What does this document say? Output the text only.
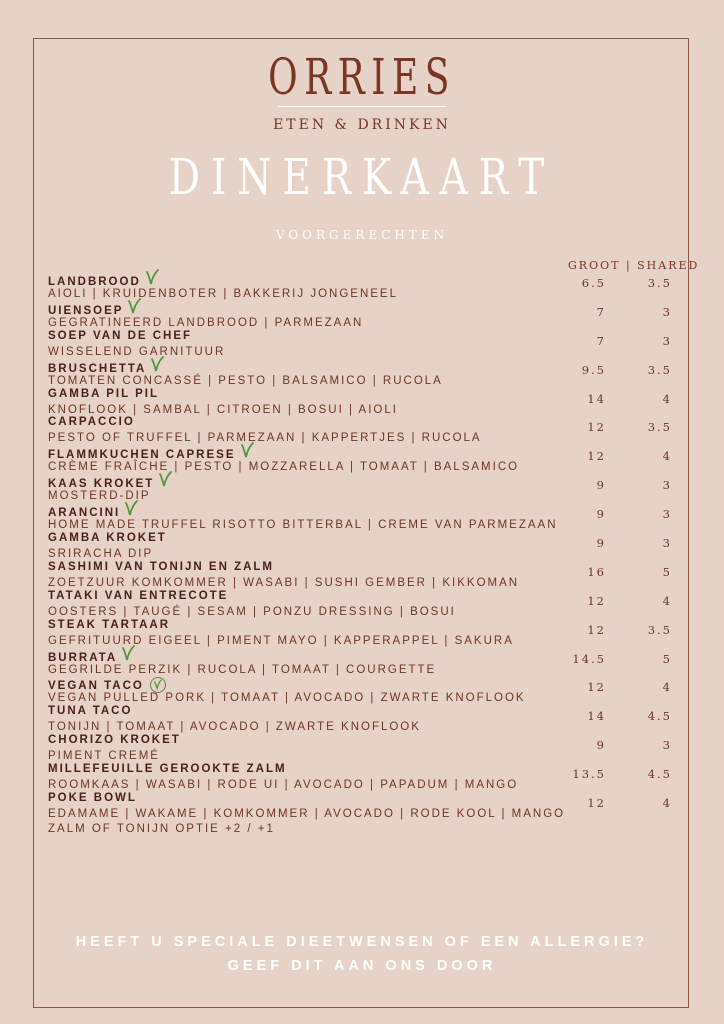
ORRIES
ETEN & DRINKEN
DINERKAART
VOORGERECHTEN
GROOT | SHARED
LANDBROOD
AIOLI | KRUIDENBOTER | BAKKERIJ JONGENEEL
6.5	3.5
UIENSOEP
GEGRATINEERD LANDBROOD | PARMEZAAN
7	3
SOEP VAN DE CHEF
WISSELEND GARNITUUR
7	3
BRUSCHETTA
TOMATEN CONCASSÉ | PESTO | BALSAMICO | RUCOLA
9.5	3.5
GAMBA PIL PIL
KNOFLOOK | SAMBAL | CITROEN | BOSUI | AIOLI
14	4
CARPACCIO
PESTO OF TRUFFEL | PARMEZAAN | KAPPERTJES | RUCOLA
12	3.5
FLAMMKUCHEN CAPRESE
CRÈME FRAÎCHE | PESTO | MOZZARELLA | TOMAAT | BALSAMICO
12	4
KAAS KROKET
MOSTERD-DIP
9	3
ARANCINI
HOME MADE TRUFFEL RISOTTO BITTERBAL | CREME VAN PARMEZAAN
9	3
GAMBA KROKET
SRIRACHA DIP
9	3
SASHIMI VAN TONIJN EN ZALM
ZOETZUUR KOMKOMMER | WASABI | SUSHI GEMBER | KIKKOMAN
16	5
TATAKI VAN ENTRECOTE
OOSTERS | TAUGÉ | SESAM | PONZU DRESSING | BOSUI
12	4
STEAK TARTAAR
GEFRITUURD EIGEEL | PIMENT MAYO | KAPPERAPPEL | SAKURA
12	3.5
BURRATA
GEGRILDE PERZIK | RUCOLA | TOMAAT | COURGETTE
14.5	5
VEGAN TACO
VEGAN PULLED PORK | TOMAAT | AVOCADO | ZWARTE KNOFLOOK
12	4
TUNA TACO
TONIJN | TOMAAT | AVOCADO | ZWARTE KNOFLOOK
14	4.5
CHORIZO KROKET
PIMENT CREMÉ
9	3
MILLEFEUILLE GEROOKTE ZALM
ROOMKAAS | WASABI | RODE UI | AVOCADO | PAPADUM | MANGO
13.5	4.5
POKE BOWL
EDAMAME | WAKAME | KOMKOMMER | AVOCADO | RODE KOOL | MANGO
ZALM OF TONIJN OPTIE +2 / +1
12	4
HEEFT U SPECIALE DIEETWENSEN OF EEN ALLERGIE?
GEEF DIT AAN ONS DOOR
